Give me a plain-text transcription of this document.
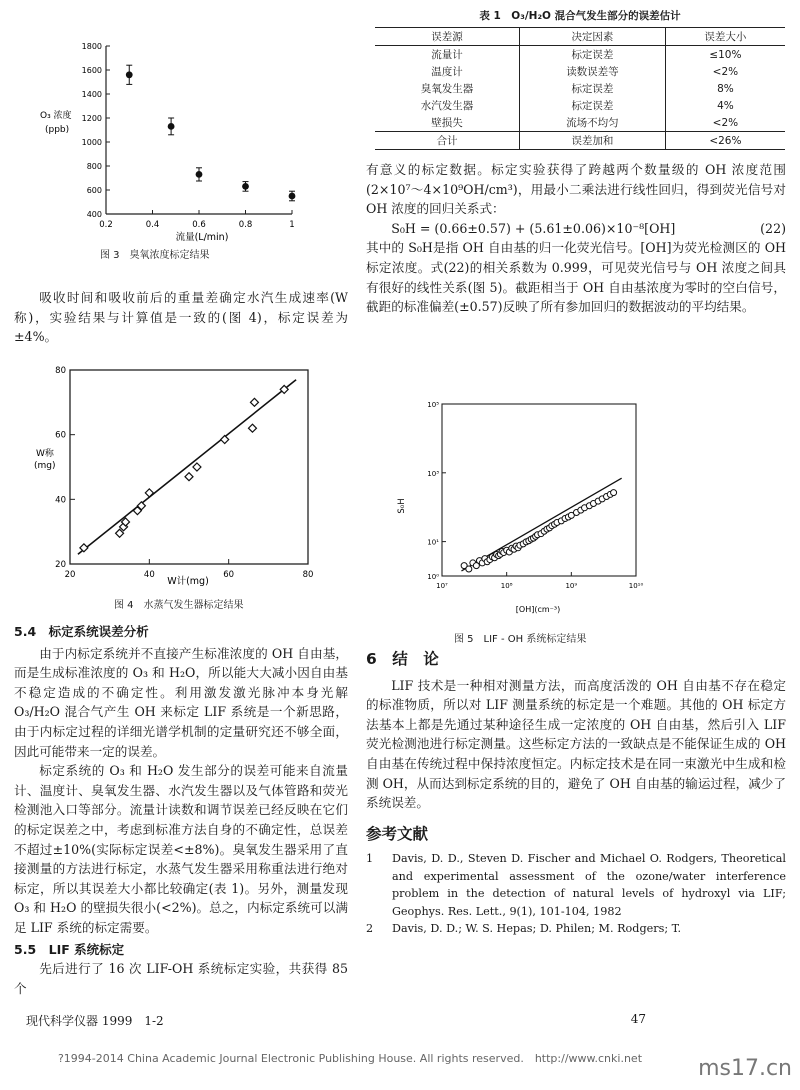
表 1　O₃/H₂O 混合气发生部分的误差估计
误差源	决定因素	误差大小
流量计	标定误差	≤10%
温度计	读数误差等	<2%
臭氧发生器	标定误差	8%
水汽发生器	标定误差	4%
壁损失	流场不均匀	<2%
合计	误差加和	<26%

有意义的标定数据。标定实验获得了跨越两个数量级的 OH 浓度范围(2×10⁷～4×10⁹OH/cm³)，用最小二乘法进行线性回归，得到荧光信号对 OH 浓度的回归关系式：

S₀H = (0.66±0.57) + (5.61±0.06)×10⁻⁸[OH]	(22)

其中的 S₀H是指 OH 自由基的归一化荧光信号。[OH]为荧光检测区的 OH 标定浓度。式(22)的相关系数为 0.999，可见荧光信号与 OH 浓度之间具有很好的线性关系(图 5)。截距相当于 OH 自由基浓度为零时的空白信号，截距的标准偏差(±0.57)反映了所有参加回归的数据波动的平均结果。

O₃ 浓度
(ppb)
流量(L/min)
400
600
800
1000
1200
1400
1600
1800
0.2	0.4	0.6	0.8	1
图 3　臭氧浓度标定结果

吸收时间和吸收前后的重量差确定水汽生成速率(W称)，实验结果与计算值是一致的(图 4)，标定误差为±4%。

W称
(mg)
W计(mg)
20
40
60
80
20	40	60	80
图 4　水蒸气发生器标定结果
5.4　标定系统误差分析

由于内标定系统并不直接产生标准浓度的 OH 自由基，而是生成标准浓度的 O₃ 和 H₂O，所以能大大减小因自由基不稳定造成的不确定性。利用激发激光脉冲本身光解 O₃/H₂O 混合气产生 OH 来标定 LIF 系统是一个新思路，由于内标定过程的详细光谱学机制的定量研究还不够全面，因此可能带来一定的误差。

标定系统的 O₃ 和 H₂O 发生部分的误差可能来自流量计、温度计、臭氧发生器、水汽发生器以及气体管路和荧光检测池入口等部分。流量计读数和调节误差已经反映在它们的标定误差之中，考虑到标准方法自身的不确定性，总误差不超过±10%(实际标定误差<±8%)。臭氧发生器采用了直接测量的方法进行标定，水蒸气发生器采用称重法进行绝对标定，所以其误差大小都比较确定(表 1)。另外，测量发现 O₃ 和 H₂O 的壁损失很小(<2%)。总之，内标定系统可以满足 LIF 系统的标定需要。

5.5　LIF 系统标定

先后进行了 16 次 LIF-OH 系统标定实验，共获得 85 个

S₀H
[OH](cm⁻³)
10⁷	10⁸	10⁹	10¹⁰
10⁰
10¹
10³
10⁵
图 5　LIF - OH 系统标定结果
6　结　论

LIF 技术是一种相对测量方法，而高度活泼的 OH 自由基不存在稳定的标准物质，所以对 LIF 测量系统的标定是一个难题。其他的 OH 标定方法基本上都是先通过某种途径生成一定浓度的 OH 自由基，然后引入 LIF 荧光检测池进行标定测量。这些标定方法的一致缺点是不能保证生成的 OH 自由基在传统过程中保持浓度恒定。内标定技术是在同一束激光中生成和检测 OH，从而达到标定系统的目的，避免了 OH 自由基的输运过程，减少了系统误差。

参考文献
1	Davis, D. D., Steven D. Fischer and Michael O. Rodgers, Theoretical and experimental assessment of the ozone/water interference problem in the detection of natural levels of hydroxyl via LIF; Geophys. Res. Lett., 9(1), 101-104, 1982
2	Davis, D. D.; W. S. Hepas; D. Philen; M. Rodgers; T.
现代科学仪器 1999　1-2	47
?1994-2014 China Academic Journal Electronic Publishing House. All rights reserved.　http://www.cnki.net	ms17.cn
